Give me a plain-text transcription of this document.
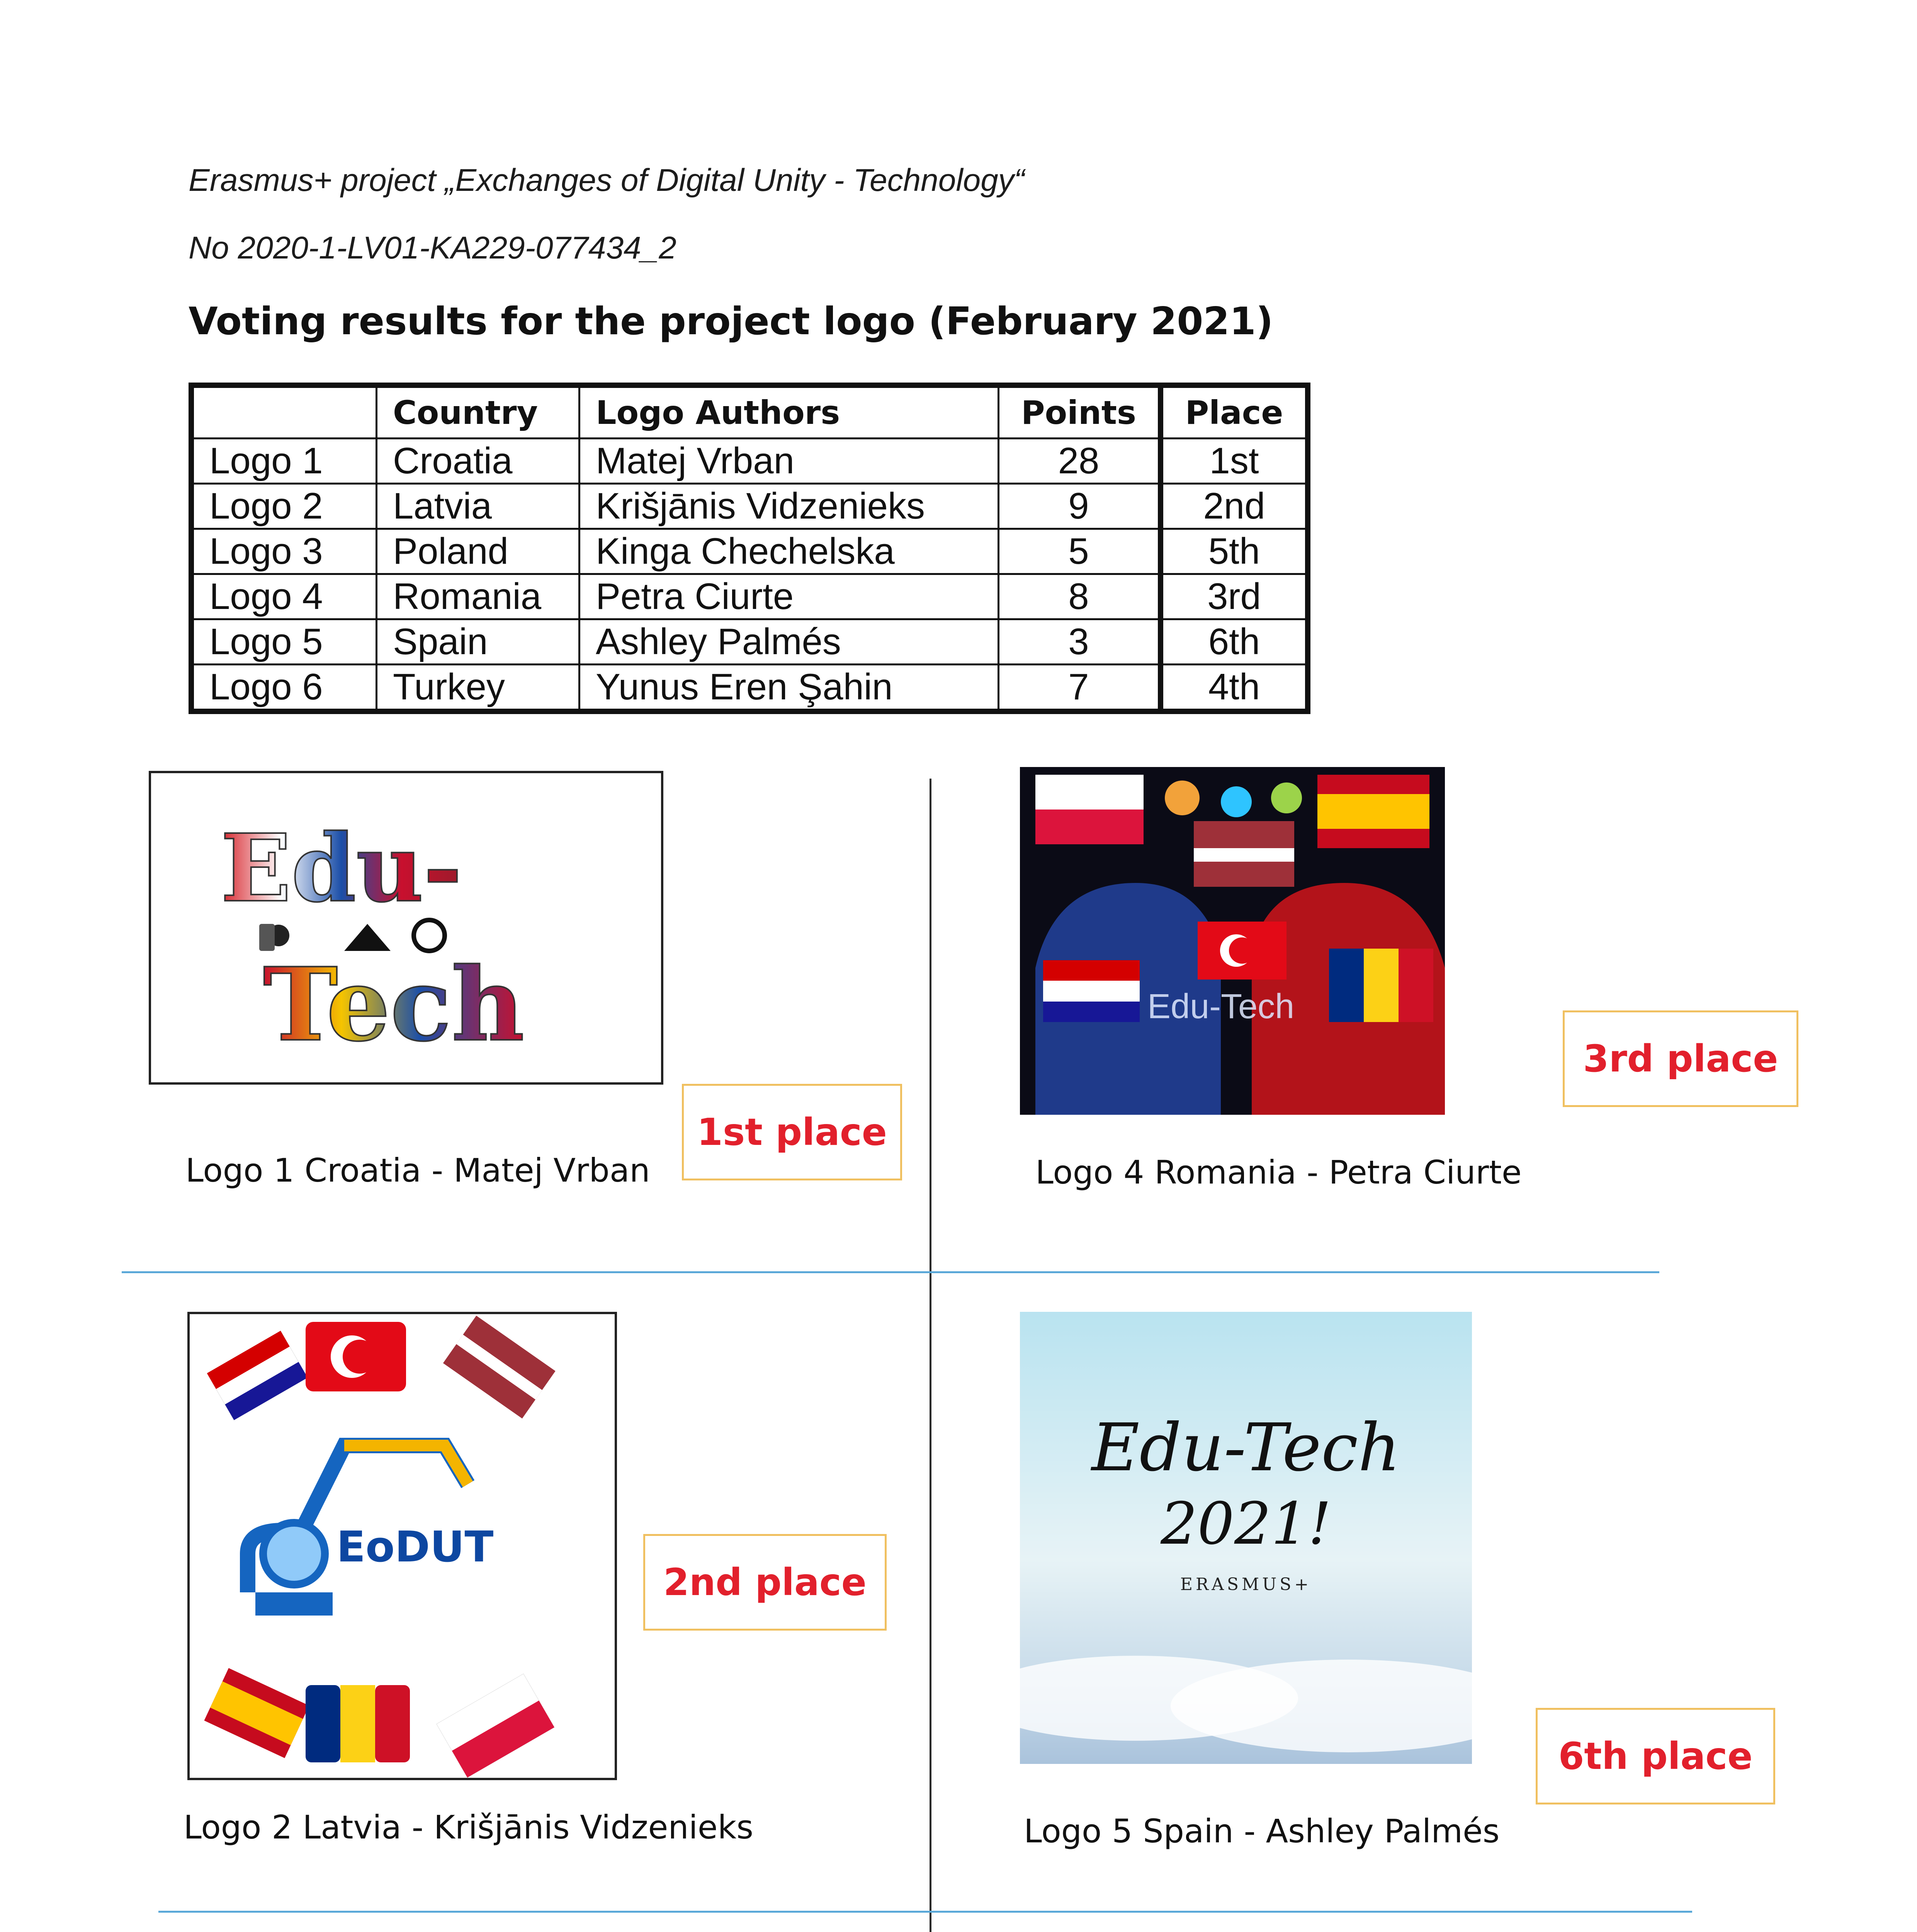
Erasmus+ project „Exchanges of Digital Unity - Technology“
No 2020-1-LV01-KA229-077434_2
Voting results for the project logo (February 2021)
	Country	Logo Authors	Points	Place
Logo 1	Croatia	Matej Vrban	28	1st
Logo 2	Latvia	Krišjānis Vidzenieks	9	2nd
Logo 3	Poland	Kinga Chechelska	5	5th
Logo 4	Romania	Petra Ciurte	8	3rd
Logo 5	Spain	Ashley Palmés	3	6th
Logo 6	Turkey	Yunus Eren Şahin	7	4th
Edu-
Tech
Logo 1 Croatia - Matej Vrban
1st place
Edu-Tech
Logo 4 Romania - Petra Ciurte
3rd place
EoDUT
Logo 2 Latvia - Krišjānis Vidzenieks
2nd place
Edu-Tech
2021!
ERASMUS+
Logo 5 Spain - Ashley Palmés
6th place
